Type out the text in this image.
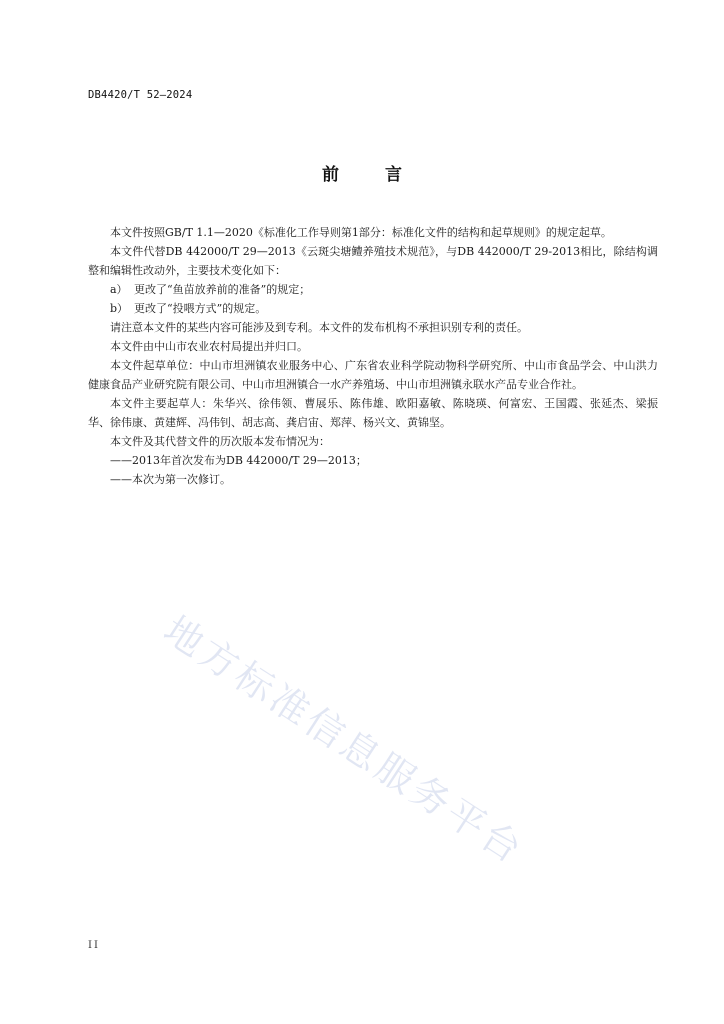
DB4420/T 52—2024
前	言

本文件按照GB/T 1.1—2020《标准化工作导则第1部分：标准化文件的结构和起草规则》的规定起草。

本文件代替DB 442000/T 29—2013《云斑尖塘鳢养殖技术规范》，与DB 442000/T 29-2013相比，除结构调整和编辑性改动外，主要技术变化如下：

a） 更改了“鱼苗放养前的准备”的规定；

b） 更改了“投喂方式”的规定。

请注意本文件的某些内容可能涉及到专利。本文件的发布机构不承担识别专利的责任。

本文件由中山市农业农村局提出并归口。

本文件起草单位：中山市坦洲镇农业服务中心、广东省农业科学院动物科学研究所、中山市食品学会、中山洪力健康食品产业研究院有限公司、中山市坦洲镇合一水产养殖场、中山市坦洲镇永联水产品专业合作社。

本文件主要起草人：朱华兴、徐伟领、曹展乐、陈伟雄、欧阳嘉敏、陈晓瑛、何富宏、王国霞、张延杰、梁振华、徐伟康、黄建辉、冯伟钊、胡志高、龚启宙、郑萍、杨兴文、黄锦坚。

本文件及其代替文件的历次版本发布情况为：

——2013年首次发布为DB 442000/T 29—2013；

——本次为第一次修订。

地方标准信息服务平台
II
